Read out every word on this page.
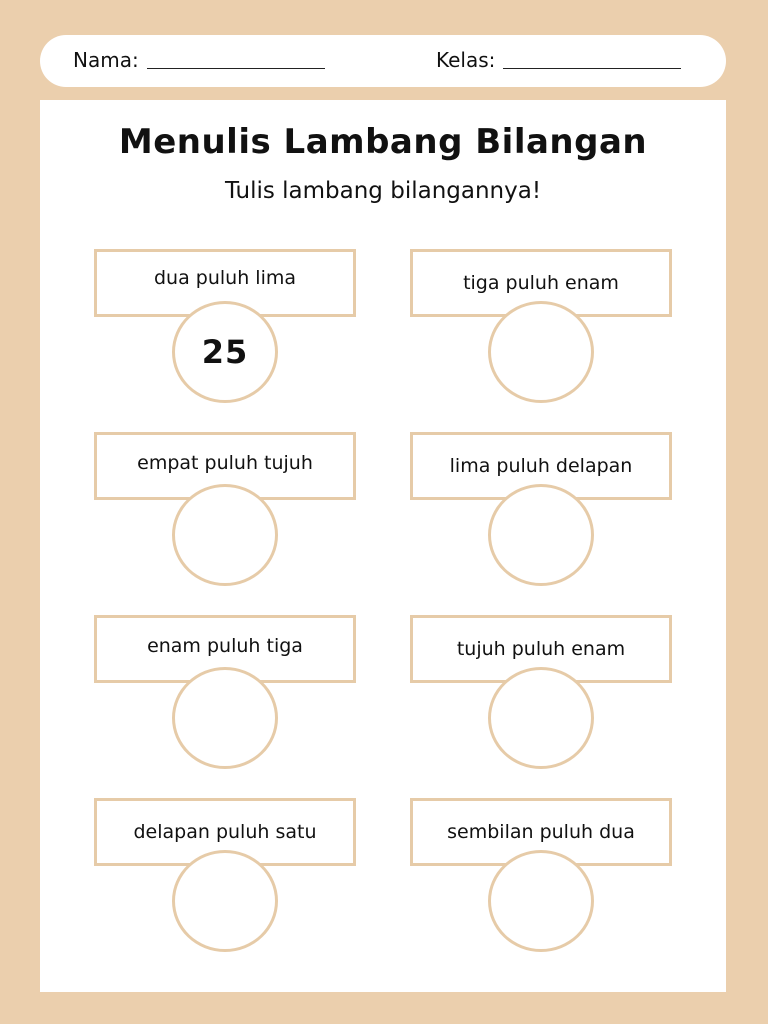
Nama:	Kelas:
Menulis Lambang Bilangan

Tulis lambang bilangannya!

dua puluh lima
25
tiga puluh enam
empat puluh tujuh	lima puluh delapan
enam puluh tiga	tujuh puluh enam
delapan puluh satu	sembilan puluh dua
